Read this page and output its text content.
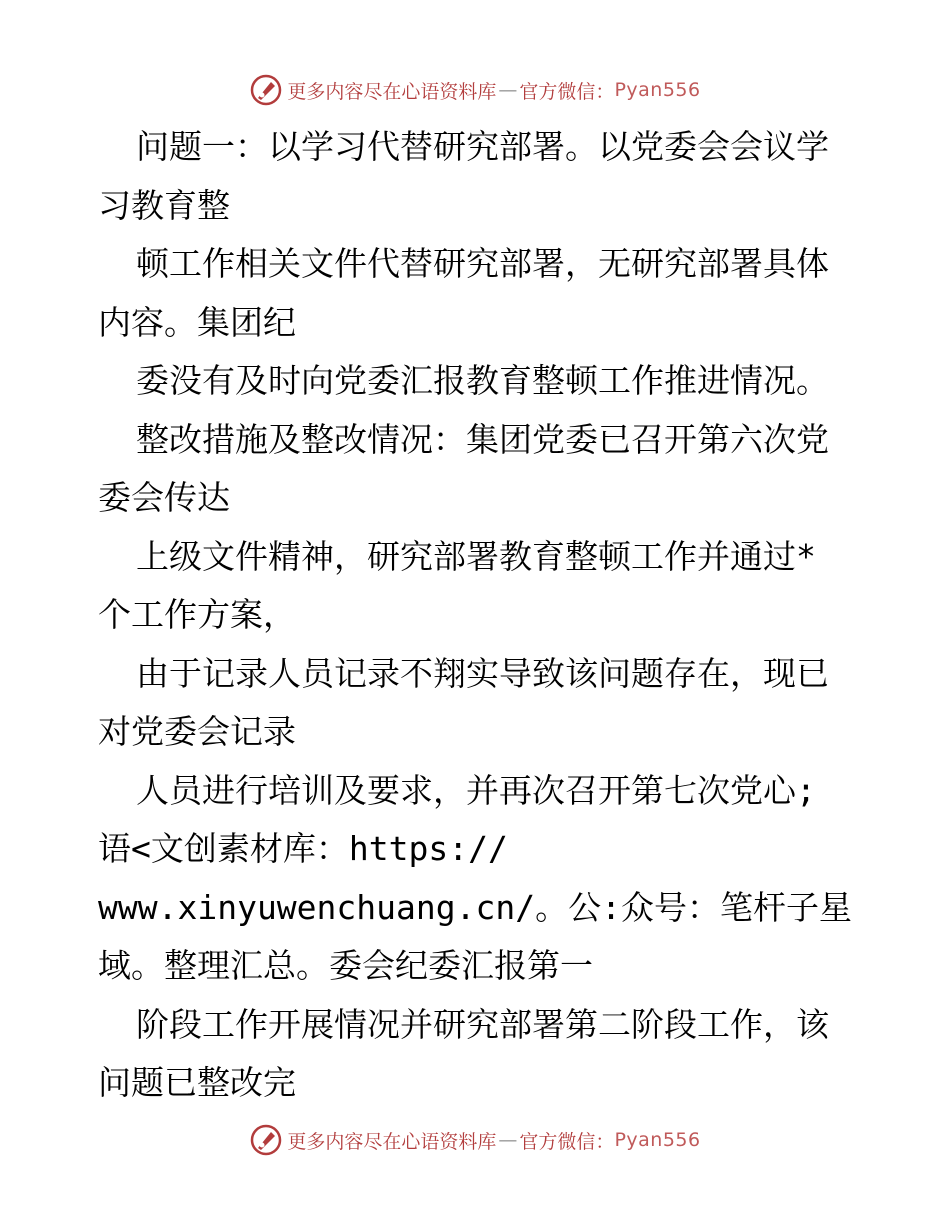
更多内容尽在心语资料库 — 官方微信： Pyan556
问题一：以学习代替研究部署。以党委会会议学
习教育整
顿工作相关文件代替研究部署，无研究部署具体
内容。集团纪
委没有及时向党委汇报教育整顿工作推进情况。
整改措施及整改情况：集团党委已召开第六次党
委会传达
上级文件精神，研究部署教育整顿工作并通过*
个工作方案，
由于记录人员记录不翔实导致该问题存在，现已
对党委会记录
人员进行培训及要求，并再次召开第七次党心;
语<文创素材库：https://
www.xinyuwenchuang.cn/。公:众号：笔杆子星
域。整理汇总。委会纪委汇报第一
阶段工作开展情况并研究部署第二阶段工作，该
问题已整改完
更多内容尽在心语资料库 — 官方微信： Pyan556
